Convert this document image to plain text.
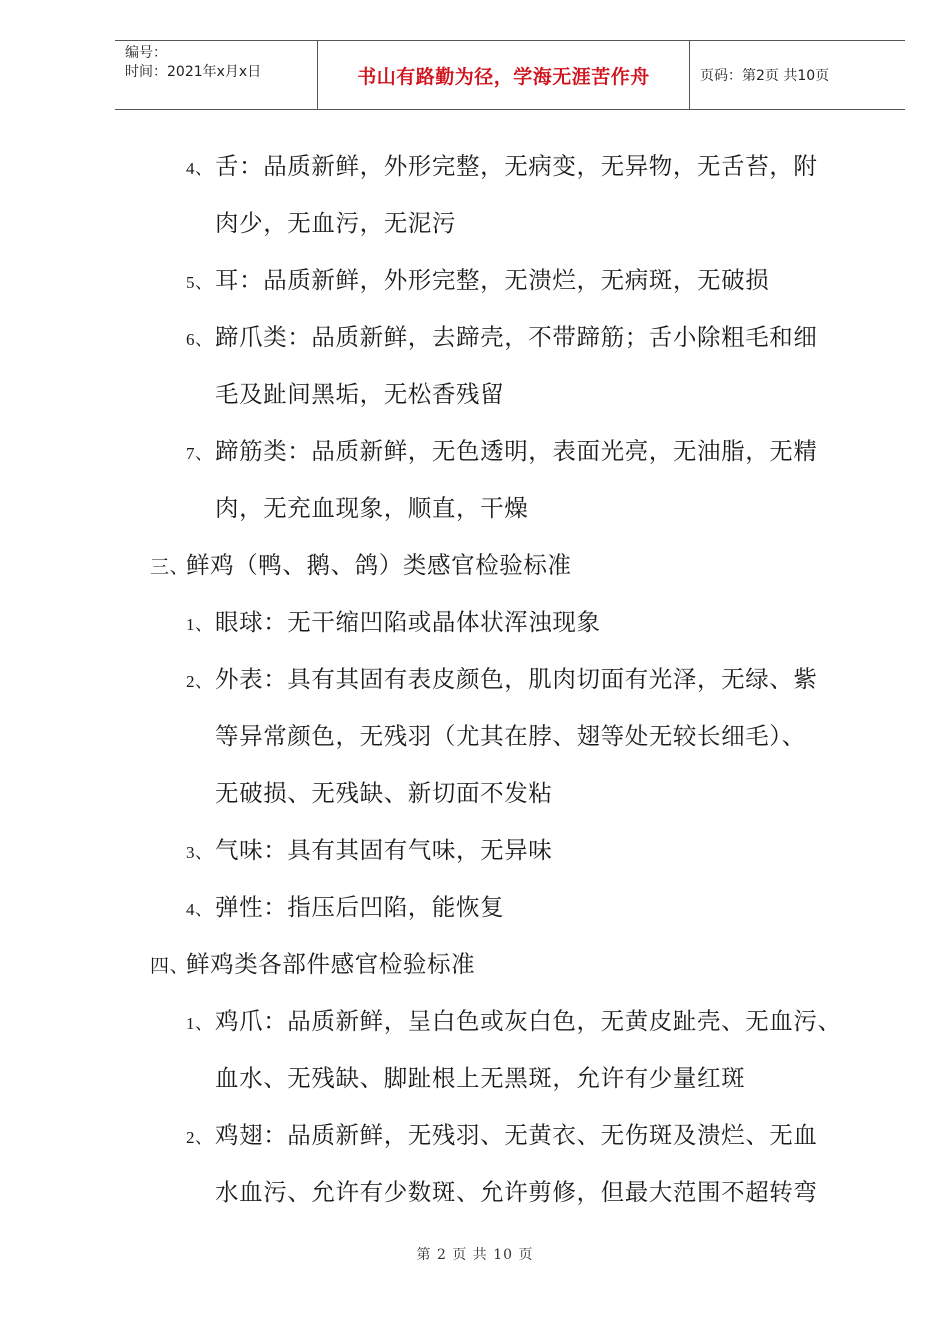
编号：
时间：2021年x月x日	书山有路勤为径，学海无涯苦作舟	页码：第2页 共10页
4、舌：品质新鲜，外形完整，无病变，无异物，无舌苔，附
肉少，无血污，无泥污
5、耳：品质新鲜，外形完整，无溃烂，无病斑，无破损
6、蹄爪类：品质新鲜，去蹄壳，不带蹄筋；舌小除粗毛和细
毛及趾间黑垢，无松香残留
7、蹄筋类：品质新鲜，无色透明，表面光亮，无油脂，无精
肉，无充血现象，顺直，干燥
三、鲜鸡（鸭、鹅、鸽）类感官检验标准
1、眼球：无干缩凹陷或晶体状浑浊现象
2、外表：具有其固有表皮颜色，肌肉切面有光泽，无绿、紫
等异常颜色，无残羽（尤其在脖、翅等处无较长细毛）、
无破损、无残缺、新切面不发粘
3、气味：具有其固有气味，无异味
4、弹性：指压后凹陷，能恢复
四、鲜鸡类各部件感官检验标准
1、鸡爪：品质新鲜，呈白色或灰白色，无黄皮趾壳、无血污、
血水、无残缺、脚趾根上无黑斑，允许有少量红斑
2、鸡翅：品质新鲜，无残羽、无黄衣、无伤斑及溃烂、无血
水血污、允许有少数斑、允许剪修，但最大范围不超转弯
第 2 页 共 10 页
